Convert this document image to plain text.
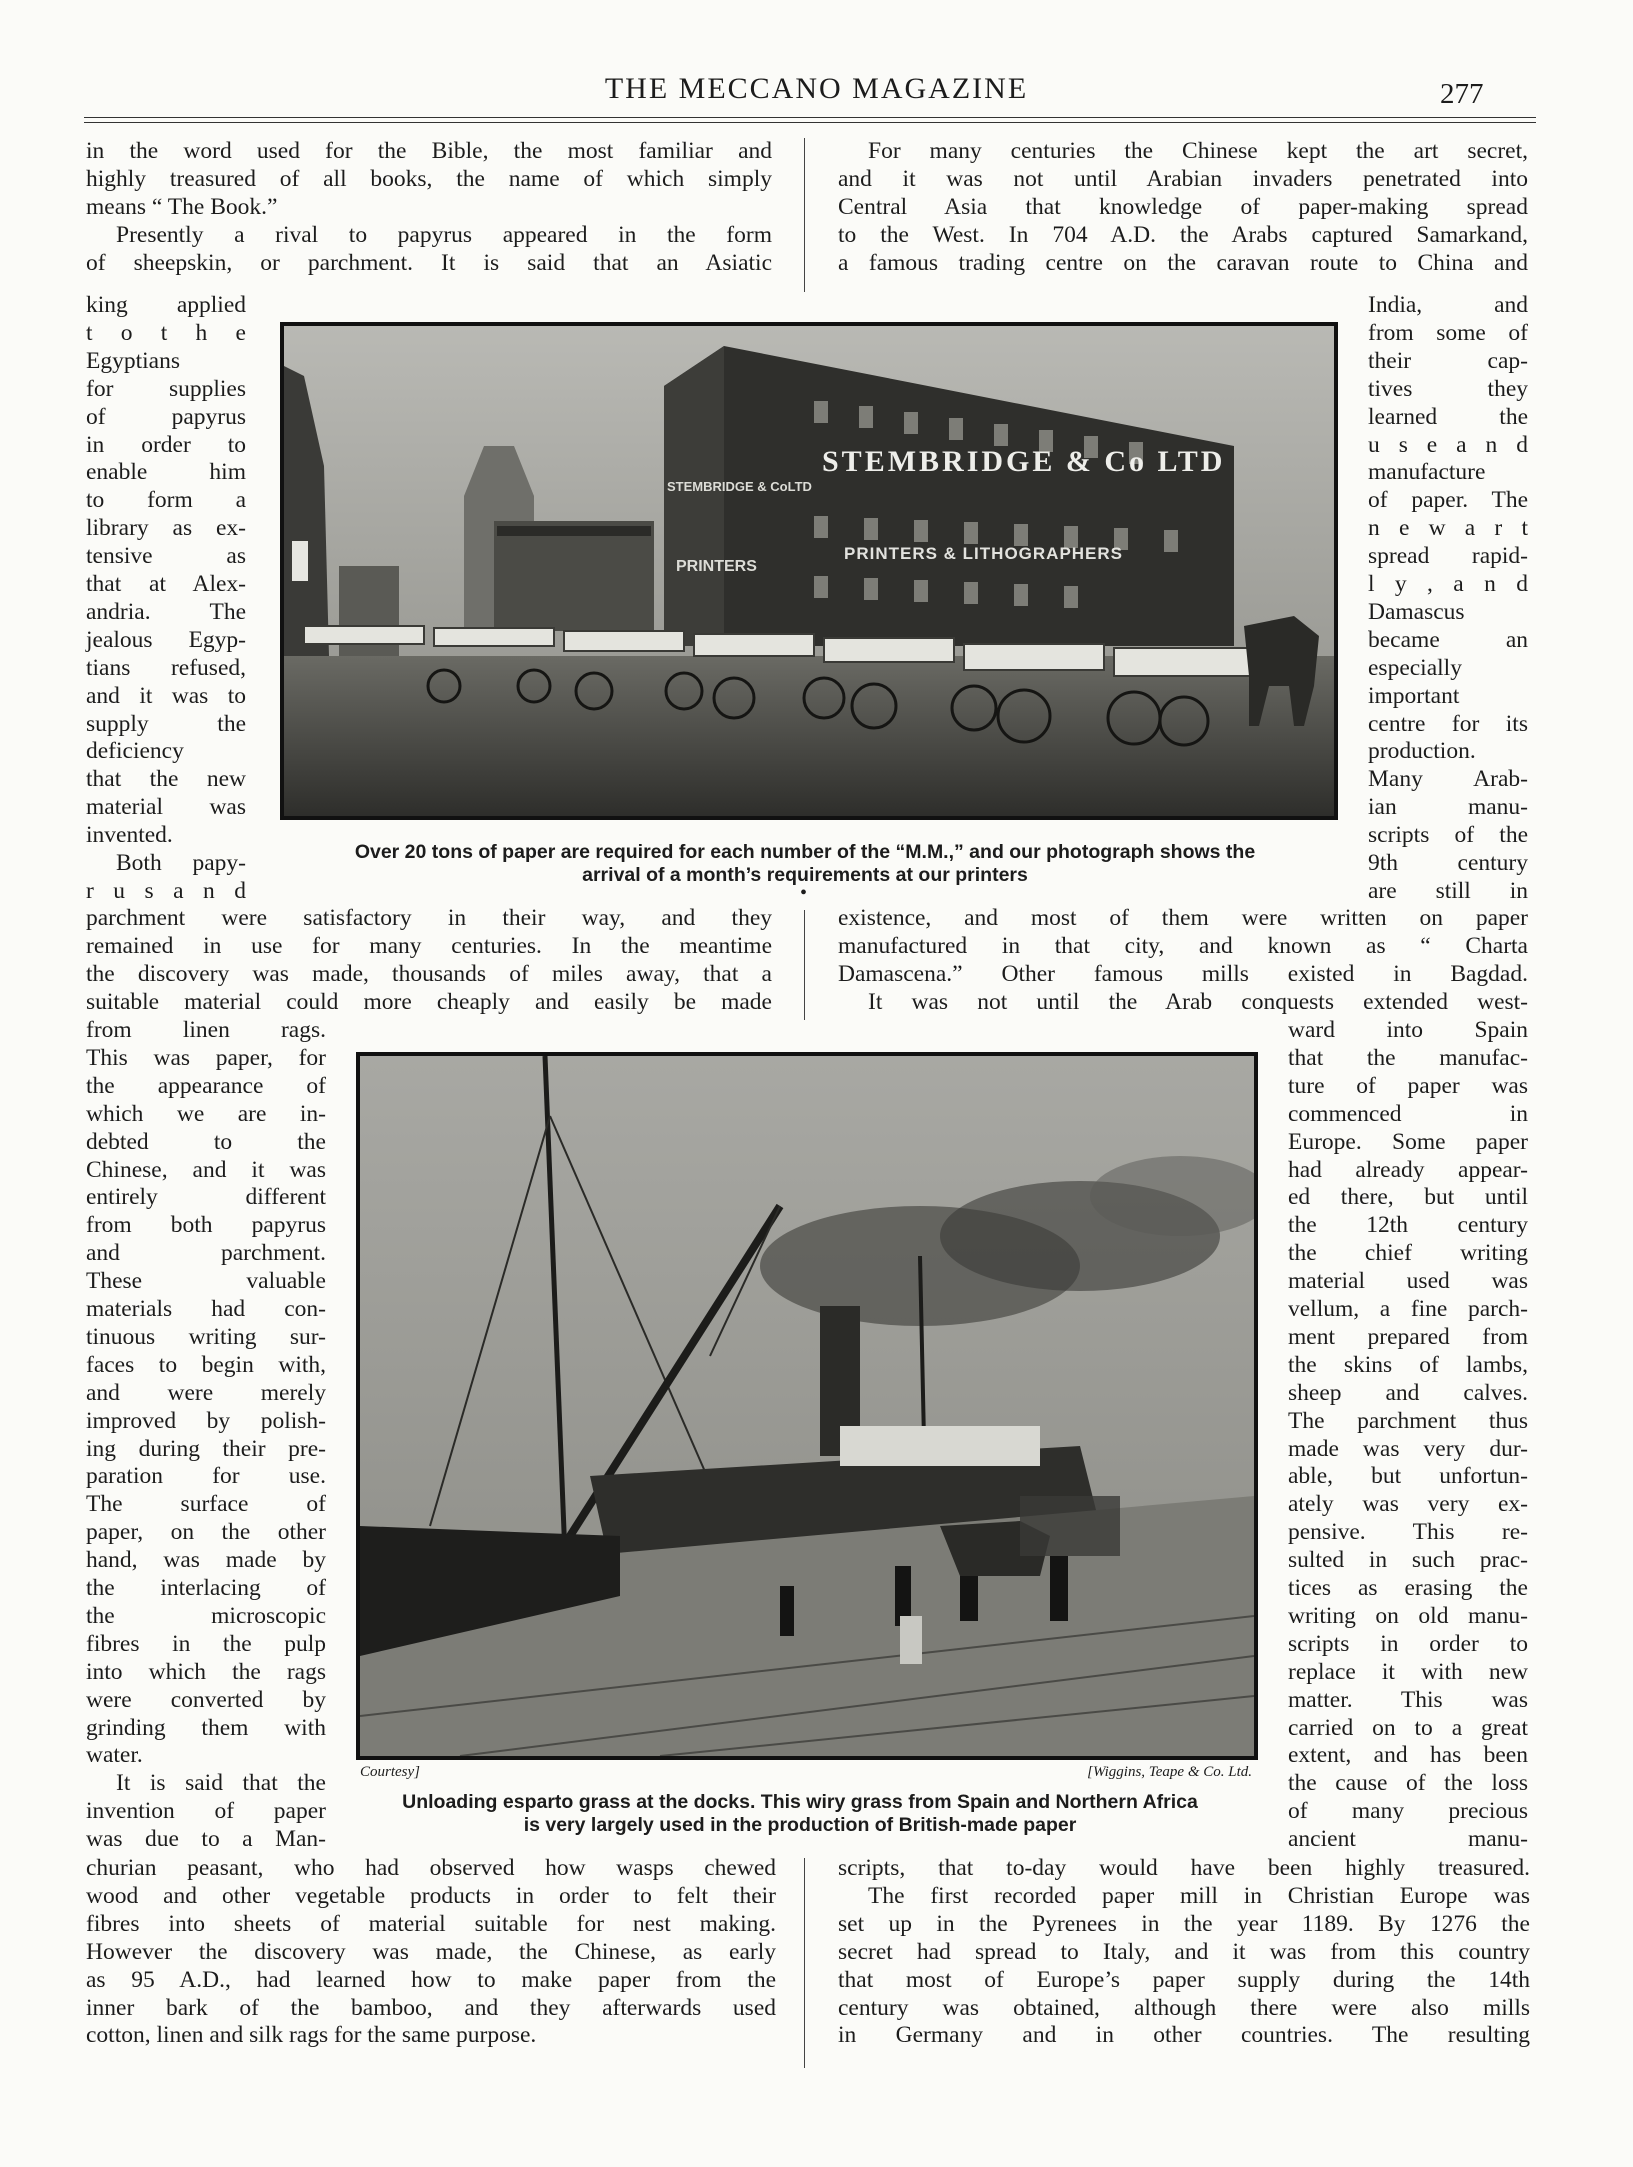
THE MECCANO MAGAZINE	277
STEMBRIDGE & Co LTD
PRINTERS & LITHOGRAPHERS
STEMBRIDGE & CoLTD
PRINTERS
Over 20 tons of paper are required for each number of the “M.M.,” and our photograph shows the
arrival of a month’s requirements at our printers
•
Courtesy]	[Wiggins, Teape & Co. Ltd.
Unloading esparto grass at the docks. This wiry grass from Spain and Northern Africa
is very largely used in the production of British-made paper
in the word used for the Bible, the most familiar and
highly treasured of all books, the name of which simply
means “ The Book.”
Presently a rival to papyrus appeared in the form
of sheepskin, or parchment. It is said that an Asiatic
king applied
t o t h e
Egyptians
for supplies
of papyrus
in order to
enable him
to form a
library as ex-
tensive as
that at Alex-
andria. The
jealous Egyp-
tians refused,
and it was to
supply the
deficiency
that the new
material was
invented.
Both papy-
r u s a n d
For many centuries the Chinese kept the art secret,
and it was not until Arabian invaders penetrated into
Central Asia that knowledge of paper-making spread
to the West. In 704 A.D. the Arabs captured Samarkand,
a famous trading centre on the caravan route to China and
India, and
from some of
their cap-
tives they
learned the
u s e a n d
manufacture
of paper. The
n e w a r t
spread rapid-
l y , a n d
Damascus
became an
especially
important
centre for its
production.
Many Arab-
ian manu-
scripts of the
9th century
are still in
parchment were satisfactory in their way, and they
remained in use for many centuries. In the meantime
the discovery was made, thousands of miles away, that a
suitable material could more cheaply and easily be made
existence, and most of them were written on paper
manufactured in that city, and known as “ Charta
Damascena.” Other famous mills existed in Bagdad.
It was not until the Arab conquests extended west-
from linen rags.
This was paper, for
the appearance of
which we are in-
debted to the
Chinese, and it was
entirely different
from both papyrus
and parchment.
These valuable
materials had con-
tinuous writing sur-
faces to begin with,
and were merely
improved by polish-
ing during their pre-
paration for use.
The surface of
paper, on the other
hand, was made by
the interlacing of
the microscopic
fibres in the pulp
into which the rags
were converted by
grinding them with
water.
It is said that the
invention of paper
was due to a Man-
ward into Spain
that the manufac-
ture of paper was
commenced in
Europe. Some paper
had already appear-
ed there, but until
the 12th century
the chief writing
material used was
vellum, a fine parch-
ment prepared from
the skins of lambs,
sheep and calves.
The parchment thus
made was very dur-
able, but unfortun-
ately was very ex-
pensive. This re-
sulted in such prac-
tices as erasing the
writing on old manu-
scripts in order to
replace it with new
matter. This was
carried on to a great
extent, and has been
the cause of the loss
of many precious
ancient manu-
churian peasant, who had observed how wasps chewed
wood and other vegetable products in order to felt their
fibres into sheets of material suitable for nest making.
However the discovery was made, the Chinese, as early
as 95 A.D., had learned how to make paper from the
inner bark of the bamboo, and they afterwards used
cotton, linen and silk rags for the same purpose.
scripts, that to-day would have been highly treasured.
The first recorded paper mill in Christian Europe was
set up in the Pyrenees in the year 1189. By 1276 the
secret had spread to Italy, and it was from this country
that most of Europe’s paper supply during the 14th
century was obtained, although there were also mills
in Germany and in other countries. The resulting
